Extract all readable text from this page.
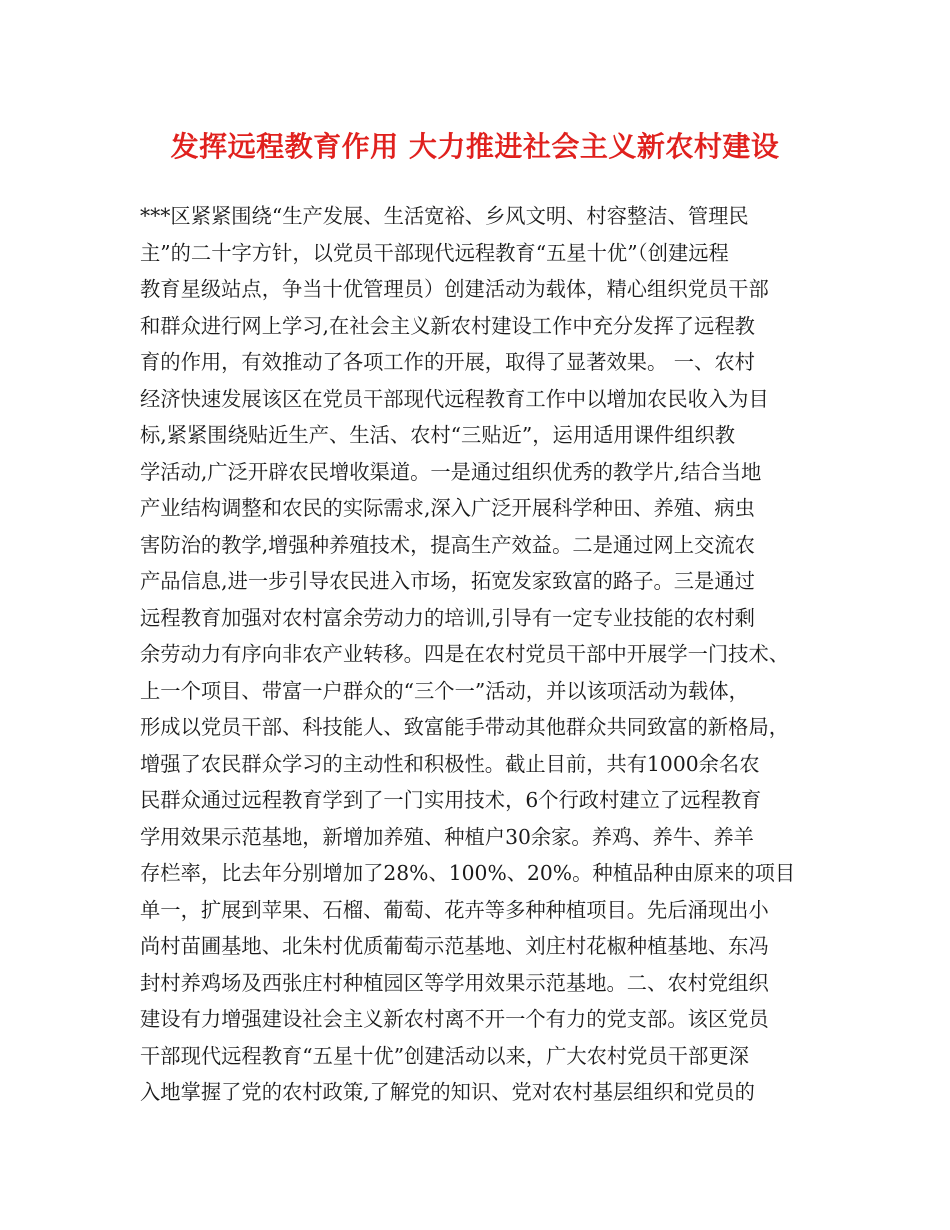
发挥远程教育作用 大力推进社会主义新农村建设
***区紧紧围绕“生产发展、生活宽裕、乡风文明、村容整洁、管理民
主”的二十字方针，以党员干部现代远程教育“五星十优”（创建远程
教育星级站点，争当十优管理员）创建活动为载体，精心组织党员干部
和群众进行网上学习,在社会主义新农村建设工作中充分发挥了远程教
育的作用，有效推动了各项工作的开展，取得了显著效果。 一、农村
经济快速发展该区在党员干部现代远程教育工作中以增加农民收入为目
标,紧紧围绕贴近生产、生活、农村“三贴近”，运用适用课件组织教
学活动,广泛开辟农民增收渠道。一是通过组织优秀的教学片,结合当地
产业结构调整和农民的实际需求,深入广泛开展科学种田、养殖、病虫
害防治的教学,增强种养殖技术，提高生产效益。二是通过网上交流农
产品信息,进一步引导农民进入市场，拓宽发家致富的路子。三是通过
远程教育加强对农村富余劳动力的培训,引导有一定专业技能的农村剩
余劳动力有序向非农产业转移。四是在农村党员干部中开展学一门技术、
上一个项目、带富一户群众的“三个一”活动，并以该项活动为载体，
形成以党员干部、科技能人、致富能手带动其他群众共同致富的新格局，
增强了农民群众学习的主动性和积极性。截止目前，共有1000余名农
民群众通过远程教育学到了一门实用技术，6个行政村建立了远程教育
学用效果示范基地，新增加养殖、种植户30余家。养鸡、养牛、养羊
存栏率，比去年分别增加了28%、100%、20%。种植品种由原来的项目
单一，扩展到苹果、石榴、葡萄、花卉等多种种植项目。先后涌现出小
尚村苗圃基地、北朱村优质葡萄示范基地、刘庄村花椒种植基地、东冯
封村养鸡场及西张庄村种植园区等学用效果示范基地。二、农村党组织
建设有力增强建设社会主义新农村离不开一个有力的党支部。该区党员
干部现代远程教育“五星十优”创建活动以来，广大农村党员干部更深
入地掌握了党的农村政策,了解党的知识、党对农村基层组织和党员的
